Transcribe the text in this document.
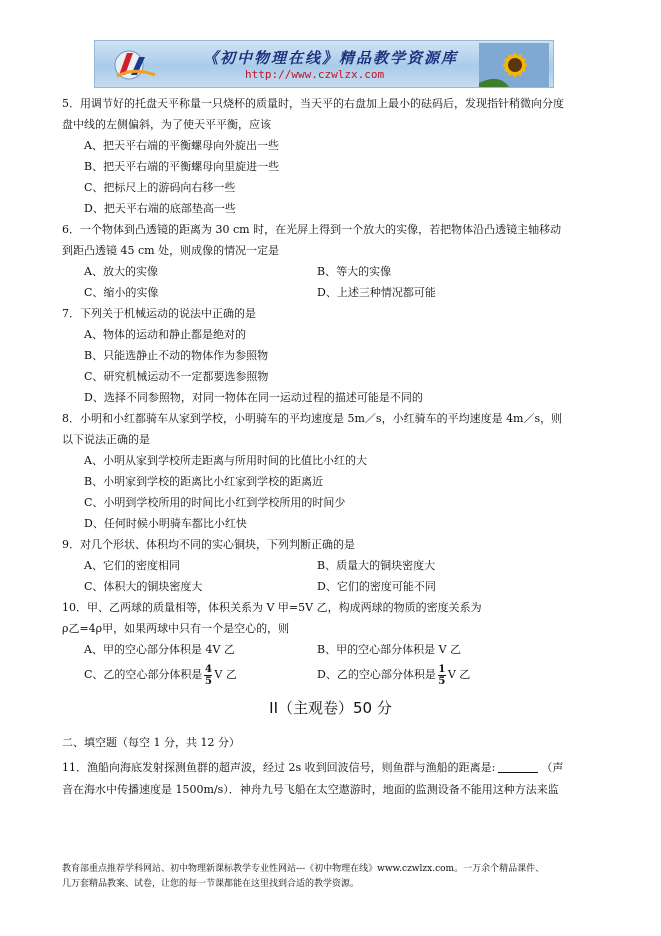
《初中物理在线》精品教学资源库
http://www.czwlzx.com
5．用调节好的托盘天平称量一只烧杯的质量时，当天平的右盘加上最小的砝码后，发现指针稍微向分度
盘中线的左侧偏斜，为了使天平平衡，应该
A、把天平右端的平衡螺母向外旋出一些
B、把天平右端的平衡螺母向里旋进一些
C、把标尺上的游码向右移一些
D、把天平右端的底部垫高一些
6．一个物体到凸透镜的距离为 30 cm 时，在光屏上得到一个放大的实像，若把物体沿凸透镜主轴移动
到距凸透镜 45 cm 处，则成像的情况一定是
A、放大的实像	B、等大的实像
C、缩小的实像	D、上述三种情况都可能
7．下列关于机械运动的说法中正确的是
A、物体的运动和静止都是绝对的
B、只能选静止不动的物体作为参照物
C、研究机械运动不一定都要选参照物
D、选择不同参照物，对同一物体在同一运动过程的描述可能是不同的
8．小明和小红都骑车从家到学校，小明骑车的平均速度是 5m／s，小红骑车的平均速度是 4m／s，则
以下说法正确的是
A、小明从家到学校所走距离与所用时间的比值比小红的大
B、小明家到学校的距离比小红家到学校的距离近
C、小明到学校所用的时间比小红到学校所用的时间少
D、任何时候小明骑车都比小红快
9．对几个形状、体积均不同的实心铜块，下列判断正确的是
A、它们的密度相同	B、质量大的铜块密度大
C、体积大的铜块密度大	D、它们的密度可能不同
10．甲、乙两球的质量相等，体积关系为 V 甲=5V 乙，构成两球的物质的密度关系为
ρ乙=4ρ甲，如果两球中只有一个是空心的，则
A、甲的空心部分体积是 4V 乙	B、甲的空心部分体积是 V 乙
C、乙的空心部分体积是 $\frac{4}{5}$ V 乙	D、乙的空心部分体积是 $\frac{1}{5}$ V 乙
II（主观卷）50 分
二、填空题（每空 1 分，共 12 分）
11．渔船向海底发射探测鱼群的超声波，经过 2s 收到回波信号，则鱼群与渔船的距离是:	（声
音在海水中传播速度是 1500m/s）．神舟九号飞船在太空遨游时，地面的监测设备不能用这种方法来监
教育部重点推荐学科网站、初中物理新课标教学专业性网站---《初中物理在线》www.czwlzx.com。一万余个精品课件、
几万套精品教案、试卷，让您的每一节课都能在这里找到合适的教学资源。
